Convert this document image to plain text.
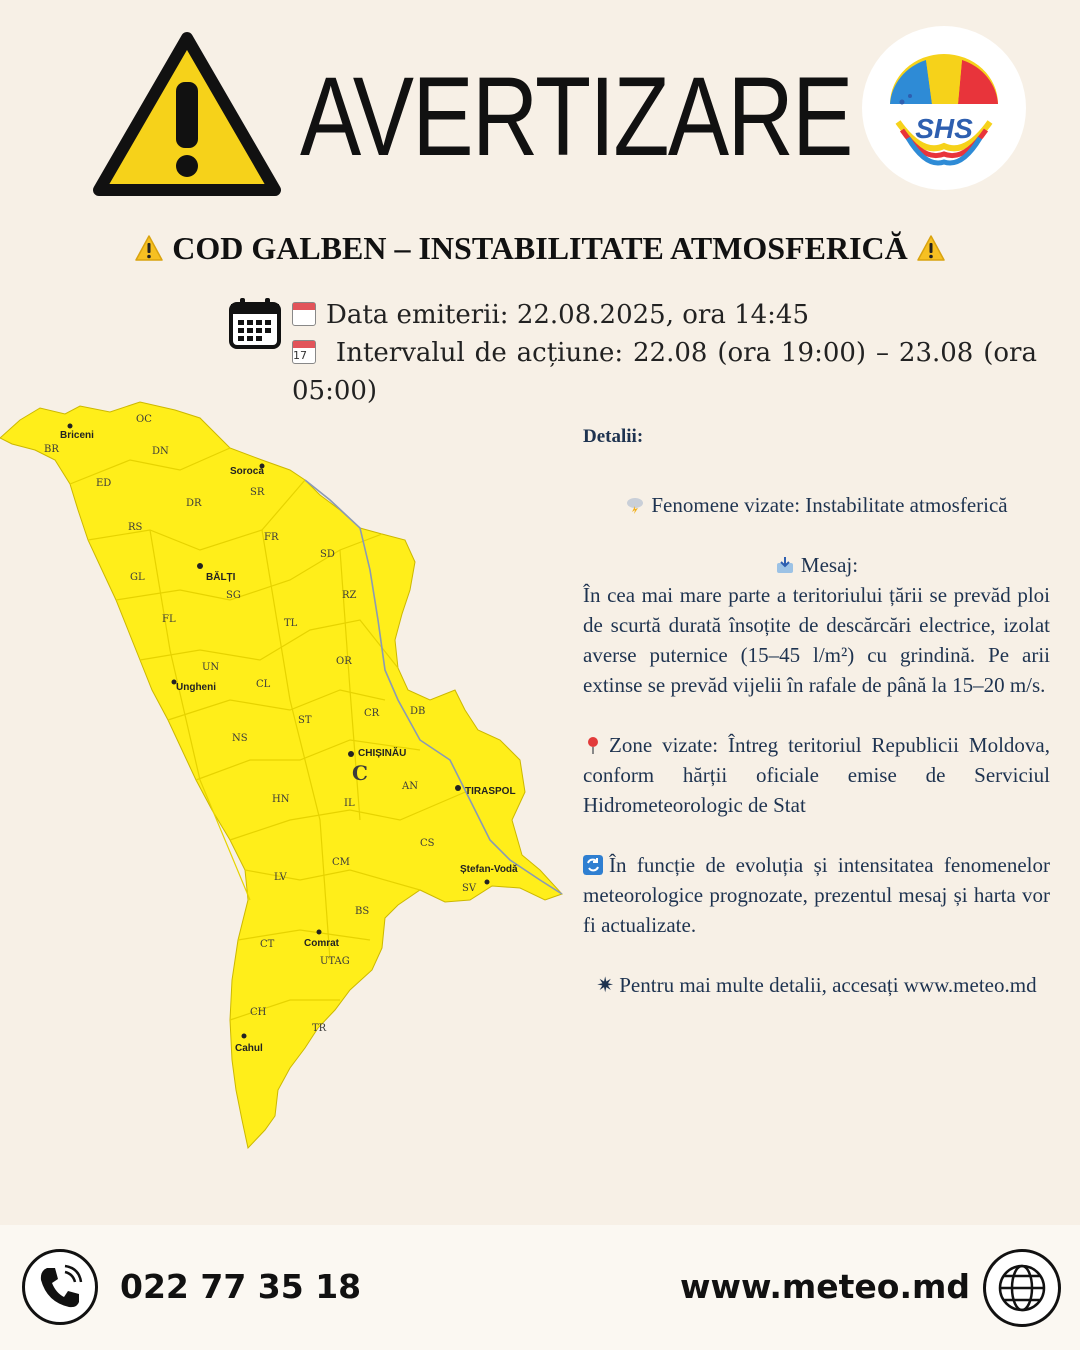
AVERTIZARE SHS
COD GALBEN – INSTABILITATE ATMOSFERICĂ
Data emiterii: 22.08.2025, ora 14:45
17	Intervalul de acțiune: 22.08 (ora 19:00) – 23.08 (ora 05:00)
OC
BR	DN
ED
SR
DR
RS
FR
SD
GL
SG	RZ
FL	TL
UN
OR
CL
CR	DB
ST
NS
C
AN
HN	IL
CS
CM
LV
SV
BS
CT
UTAG
CH
TR
Briceni
Soroca
BĂLȚI
Ungheni
CHIȘINĂU
TIRASPOL
Ștefan-Vodă
Comrat
Cahul

Detalii:

Fenomene vizate: Instabilitate atmosferică

Mesaj:

În cea mai mare parte a teritoriului țării se prevăd ploi de scurtă durată însoțite de descărcări electrice, izolat averse puternice (15–45 l/m²) cu grindină. Pe arii extinse se prevăd vijelii în rafale de până la 15–20 m/s.

Zone vizate: Întreg teritoriul Republicii Moldova, conform hărții oficiale emise de Serviciul Hidrometeorologic de Stat

În funcție de evoluția și intensitatea fenomenelor meteorologice prognozate, prezentul mesaj și harta vor fi actualizate.

✷ Pentru mai multe detalii, accesați www.meteo.md

022 77 35 18	www.meteo.md
